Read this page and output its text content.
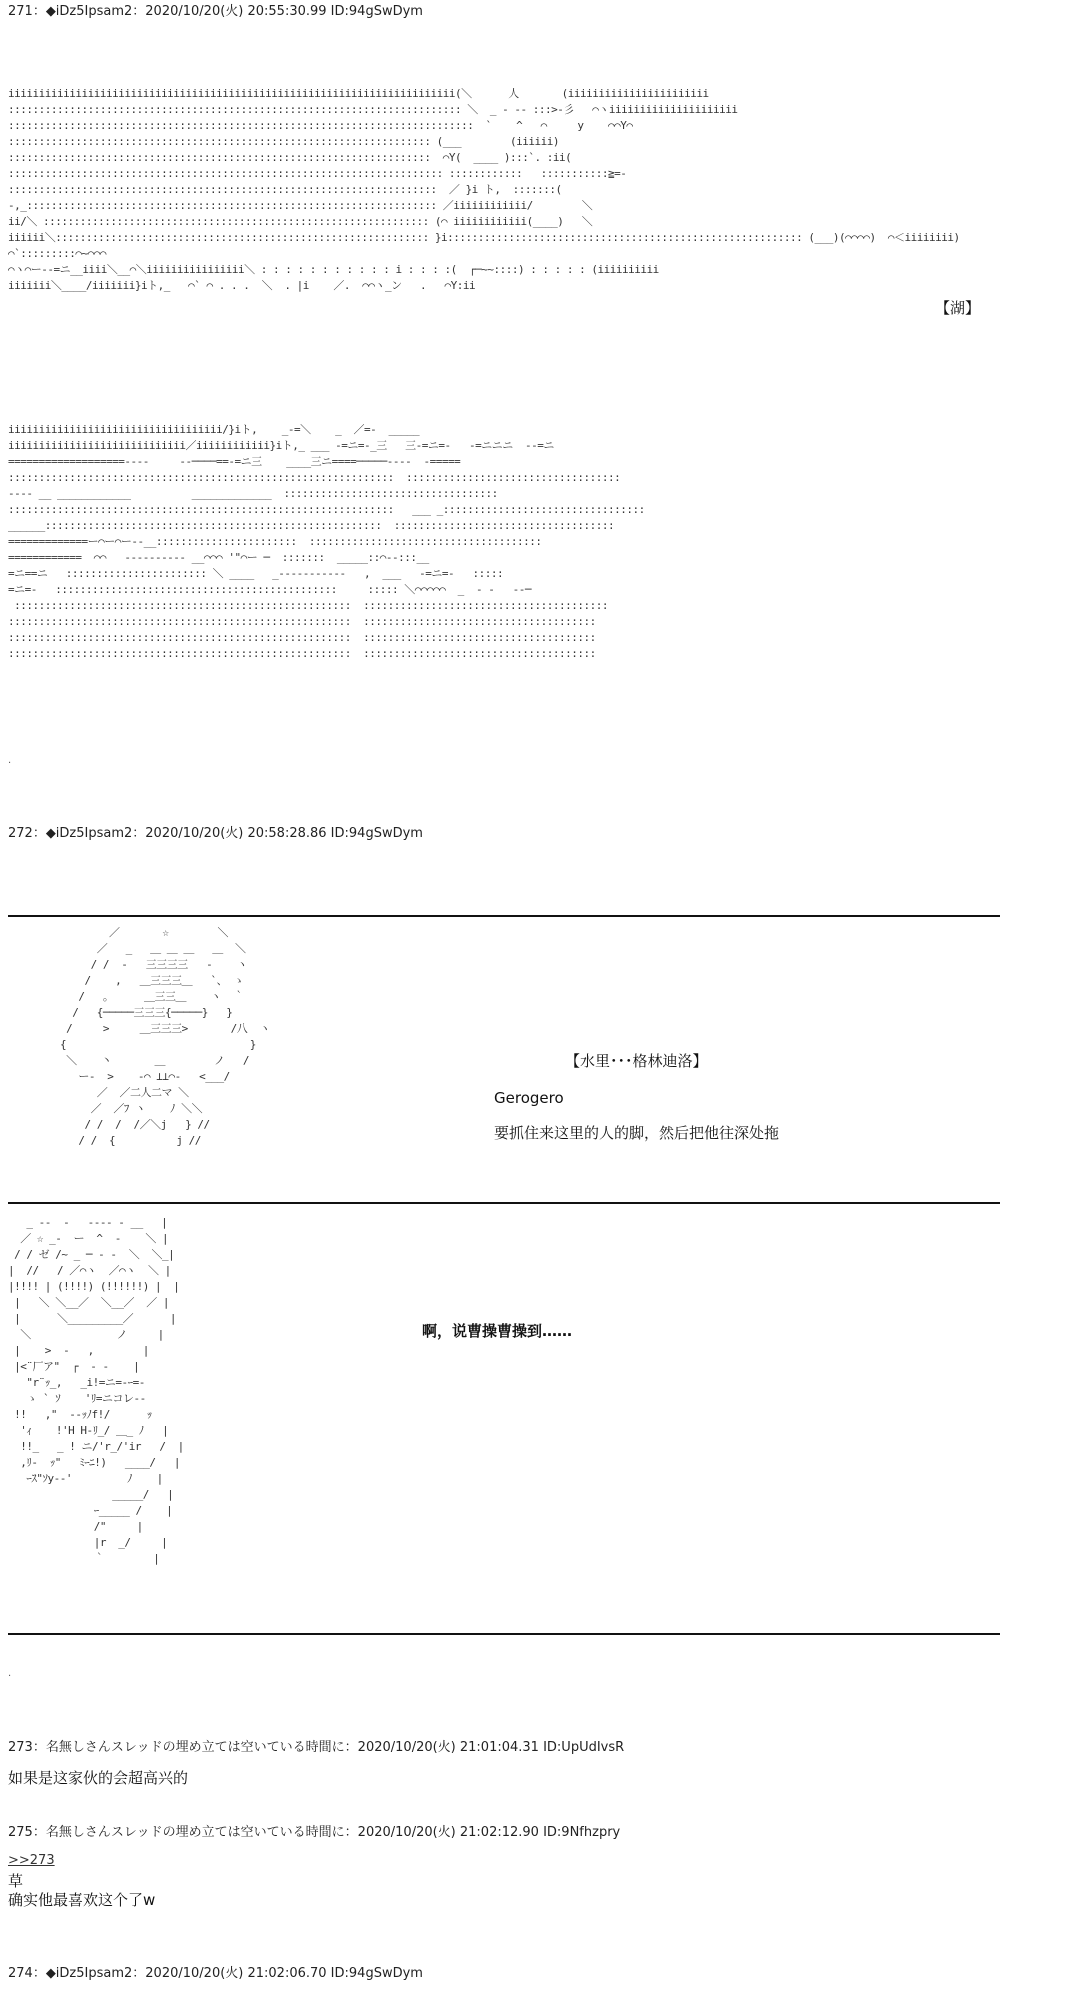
271：◆iDz5Ipsam2：2020/10/20(火) 20:55:30.99 ID:94gSwDym
iiiiiiiiiiiiiiiiiiiiiiiiiiiiiiiiiiiiiiiiiiiiiiiiiiiiiiiiiiiiiiiiiiiiiiiii(＼      人       (iiiiiiiiiiiiiiiiiiiiiii
:::::::::::::::::::::::::::::::::::::::::::::::::::::::::::::::::::::::::: ＼  _ - -‐ :::>-彡   ⌒ヽiiiiiiiiiiiiiiiiiiiii
::::::::::::::::::::::::::::::::::::::::::::::::::::::::::::::::::::::::::::  `    ^   ⌒     y    ⌒⌒Y⌒
::::::::::::::::::::::::::::::::::::::::::::::::::::::::::::::::::::: (___        (iiiiii)
:::::::::::::::::::::::::::::::::::::::::::::::::::::::::::::::::::::  ⌒Y(  ____ ):::`. :ii(
::::::::::::::::::::::::::::::::::::::::::::::::::::::::::::::::::::::: ::::::::::::   :::::::::::≧=-
::::::::::::::::::::::::::::::::::::::::::::::::::::::::::::::::::::::  ／ }i ト,  :::::::(
-,_::::::::::::::::::::::::::::::::::::::::::::::::::::::::::::::::::: ／iiiiiiiiiiii/        ＼
ii/＼ ::::::::::::::::::::::::::::::::::::::::::::::::::::::::::::::: (⌒ iiiiiiiiiiii(____)   ＼
iiiiii＼::::::::::::::::::::::::::::::::::::::::::::::::::::::::::::: }i:::::::::::::::::::::::::::::::::::::::::::::::::::::::::: (___)(⌒⌒⌒⌒)  ⌒＜iiiiiiii)
⌒`:::::::::⌒~⌒⌒⌒
⌒ヽ⌒ー--=ニ__iiii＼__⌒＼iiiiiiiiiiiiiiii＼ : : : : : : : : : : : i : : : :(  ┌─~~::::) : : : : : (iiiiiiiiii
iiiiiii＼____/iiiiiii}iト,_   ⌒` ⌒ . . .  ＼  . |i    ／.  ⌒⌒ヽ_ン   .   ⌒Y:ii

【湖】
iiiiiiiiiiiiiiiiiiiiiiiiiiiiiiiiiii/}iト,    _-=＼    _  ／=-  _____
iiiiiiiiiiiiiiiiiiiiiiiiiiiii／iiiiiiiiiiii}iト,_ ___ -=ニ=-_三   三-=ニ=-   -=ニニニ  --=ニ
===================----     ‐‐────==-=ニ三    ____三ニ====─────----  -=====
:::::::::::::::::::::::::::::::::::::::::::::::::::::::::::::::  :::::::::::::::::::::::::::::::::::
‐‐-- __ ____________          _____________  :::::::::::::::::::::::::::::::::::
:::::::::::::::::::::::::::::::::::::::::::::::::::::::::::::::   ___ _:::::::::::::::::::::::::::::::::
______:::::::::::::::::::::::::::::::::::::::::::::::::::::::  ::::::::::::::::::::::::::::::::::::
=============ー⌒ー⌒ー--__:::::::::::::::::::::::  ::::::::::::::::::::::::::::::::::::::
============  ⌒⌒   ‐‐‐‐‐‐‐‐‐‐ __⌒⌒⌒ '"⌒ー ─  :::::::  _____::⌒--:::__
=ニ==ニ   ::::::::::::::::::::::: ＼ ____   _-‐‐‐‐‐‐‐‐‐‐   ,  ___   -=ニ=-   :::::
=ニ=-   ::::::::::::::::::::::::::::::::::::::::::::::     ::::: ＼⌒⌒⌒⌒⌒  _  - -   -‐─
:::::::::::::::::::::::::::::::::::::::::::::::::::::::  ::::::::::::::::::::::::::::::::::::::::
::::::::::::::::::::::::::::::::::::::::::::::::::::::::  ::::::::::::::::::::::::::::::::::::::
::::::::::::::::::::::::::::::::::::::::::::::::::::::::  ::::::::::::::::::::::::::::::::::::::
::::::::::::::::::::::::::::::::::::::::::::::::::::::::  ::::::::::::::::::::::::::::::::::::::

.
272：◆iDz5Ipsam2：2020/10/20(火) 20:58:28.86 ID:94gSwDym
／       ☆        ＼
／   _   ＿ ＿ ＿   ＿  ＼
/ /  -   三三三三   -    ヽ
/    ,   ＿三三三＿   `、 ゝ
/   。     ＿三三＿    ヽ  ｀
/   {─────三三三{─────}   }
/     >     ＿三三三>       /八  ヽ
{                              }
＼    丶       ＿        ノ   /
ー-  >    ‐⌒ ⊥⊥⌒‐   <___/
／  ／二人二マ ＼
／  ／ﾌ ヽ    ﾉ ＼＼
/ /  /  /／＼j   } //
/ /  {          j //

【水里･･･格林迪洛】
Gerogero
要抓住来这里的人的脚，然后把他往深处拖
_ ‐‐  -   ‐‐‐‐ - __   |
／ ☆ _-  ー  ^  -    ＼ |
/ / ゼ /~ _ ─ ‐ -  ＼  ＼_|
|  //   / ／⌒ヽ  ／⌒ヽ  ＼ |
|!!!! | (!!!!) (!!!!!!) |  |
|   ＼ ＼__／  ＼__／  ／ |
|      ＼_________／      |
＼              ノ     |
|    >  -   ,        |
|<¨厂ア"  ┌  ‐ ‐    |
"r¨ｯ_,   _i!=ニ=-ｰ=-
ゝ ` ｿ    'ﾘ=ニコレ--
!!   ,"  ‐‐ｯﾉf!/      ｯ
'ｨ    !'H H-ﾘ_/ ＿_ ﾉ   |
!!_   _ ! ニ/'r_/'ir   /  |
,ﾘ-  ｯ"   ﾐｰﾆ!)   ____/   |
ｰｽ"ｿy--'         ﾉ    |
_____/   |
ｰ_____ /    |
/"     |
|r  _/     |
｀        |

啊，说曹操曹操到……
.
273：名無しさんスレッドの埋め立ては空いている時間に：2020/10/20(火) 21:01:04.31 ID:UpUdIvsR
如果是这家伙的会超高兴的
275：名無しさんスレッドの埋め立ては空いている時間に：2020/10/20(火) 21:02:12.90 ID:9Nfhzpry
>>273
草
确实他最喜欢这个了w
274：◆iDz5Ipsam2：2020/10/20(火) 21:02:06.70 ID:94gSwDym
